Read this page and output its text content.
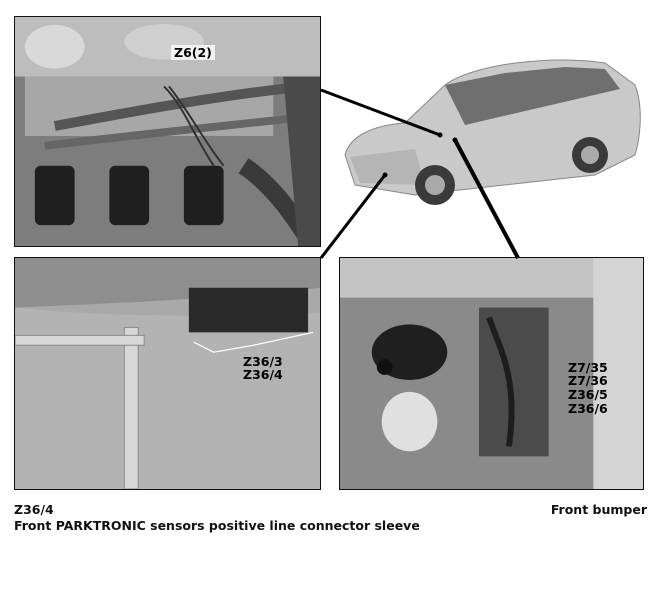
Z6(2)
Z36/3
Z36/4	Z7/35
Z7/36
Z36/5
Z36/6
Z36/4
Front PARKTRONIC sensors positive line connector sleeve
Front bumper
